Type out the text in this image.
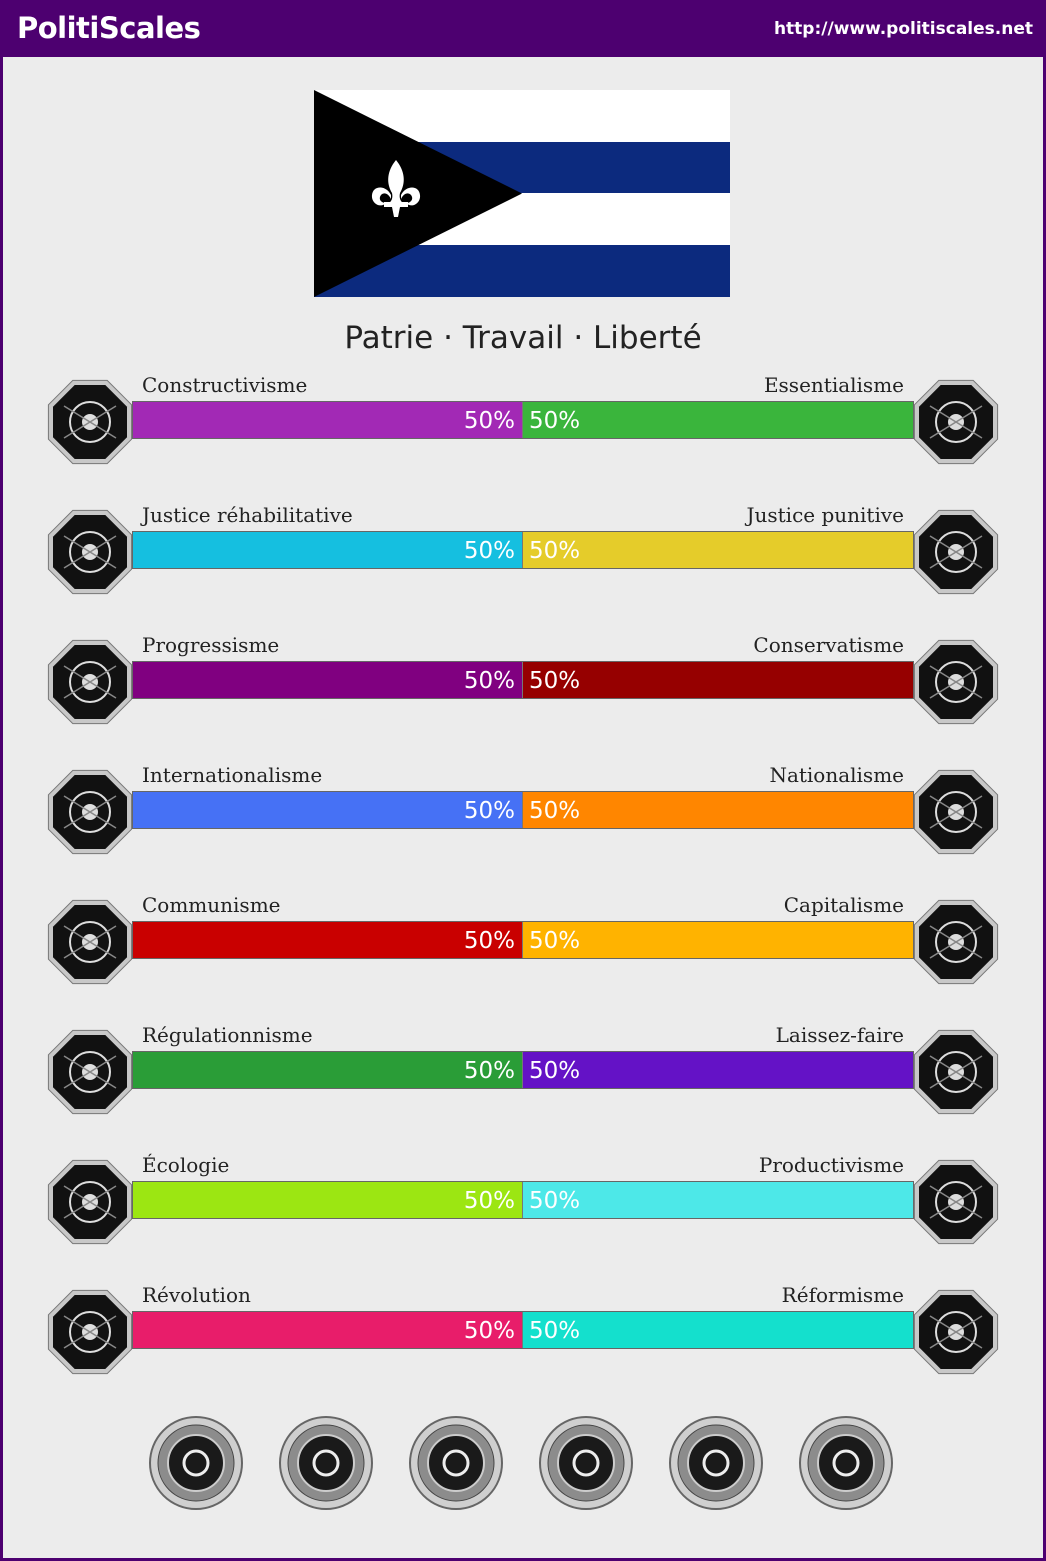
PolitiScales	http://www.politiscales.net
Patrie · Travail · Liberté
Constructivisme	Essentialisme
50% 50%
Justice réhabilitative	Justice punitive
50% 50%
Progressisme	Conservatisme
50% 50%
Internationalisme	Nationalisme
50% 50%
Communisme	Capitalisme
50% 50%
Régulationnisme	Laissez-faire
50% 50%
Écologie	Productivisme
50% 50%
Révolution	Réformisme
50% 50%
